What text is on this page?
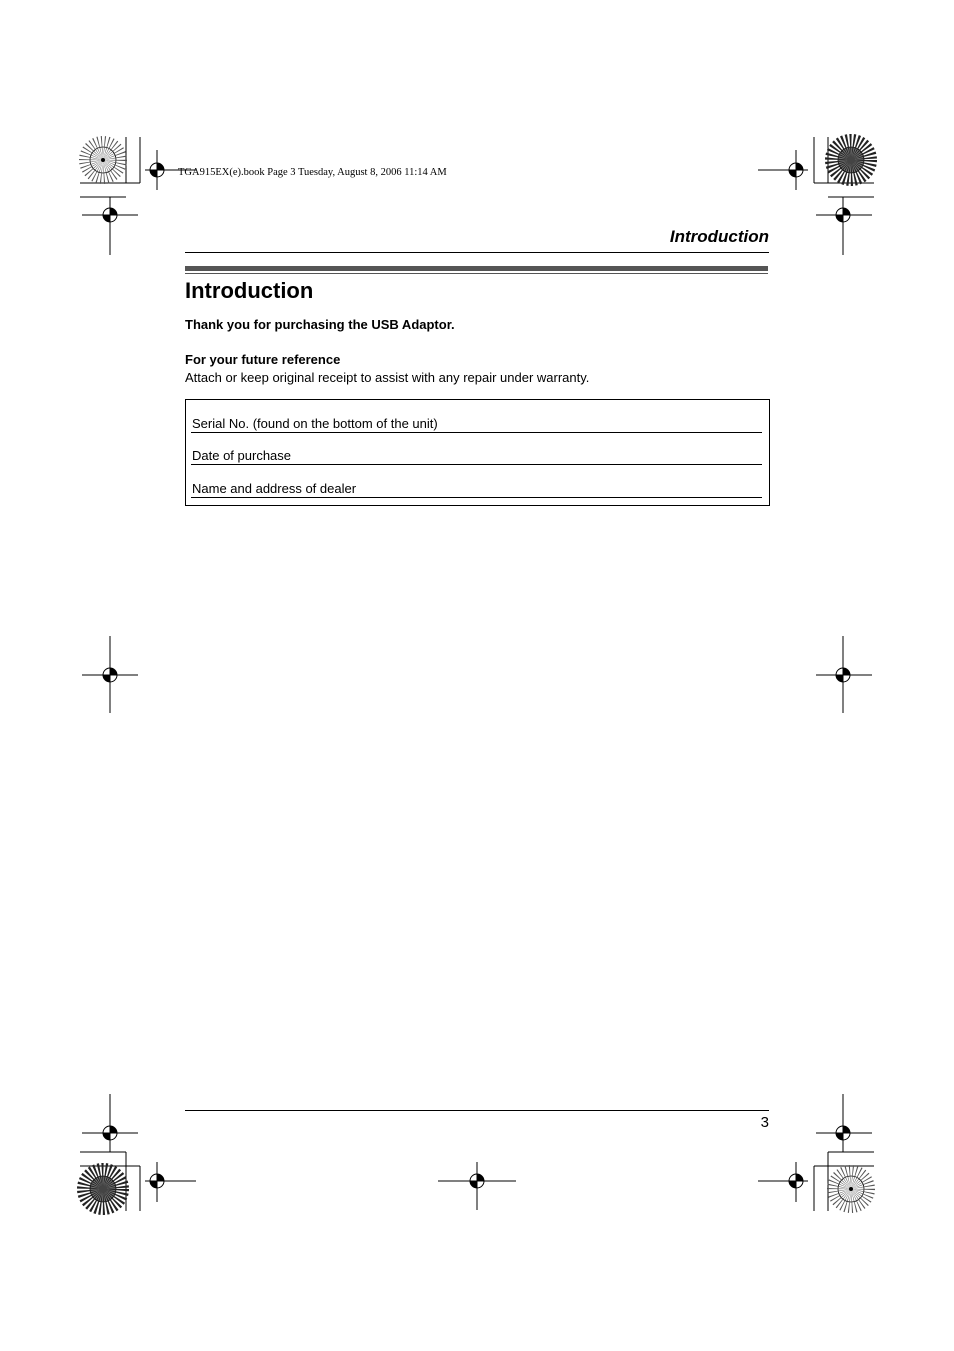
TGA915EX(e).book Page 3 Tuesday, August 8, 2006 11:14 AM
Introduction
Introduction
Thank you for purchasing the USB Adaptor.
For your future reference
Attach or keep original receipt to assist with any repair under warranty.
Serial No. (found on the bottom of the unit)
Date of purchase
Name and address of dealer
3
